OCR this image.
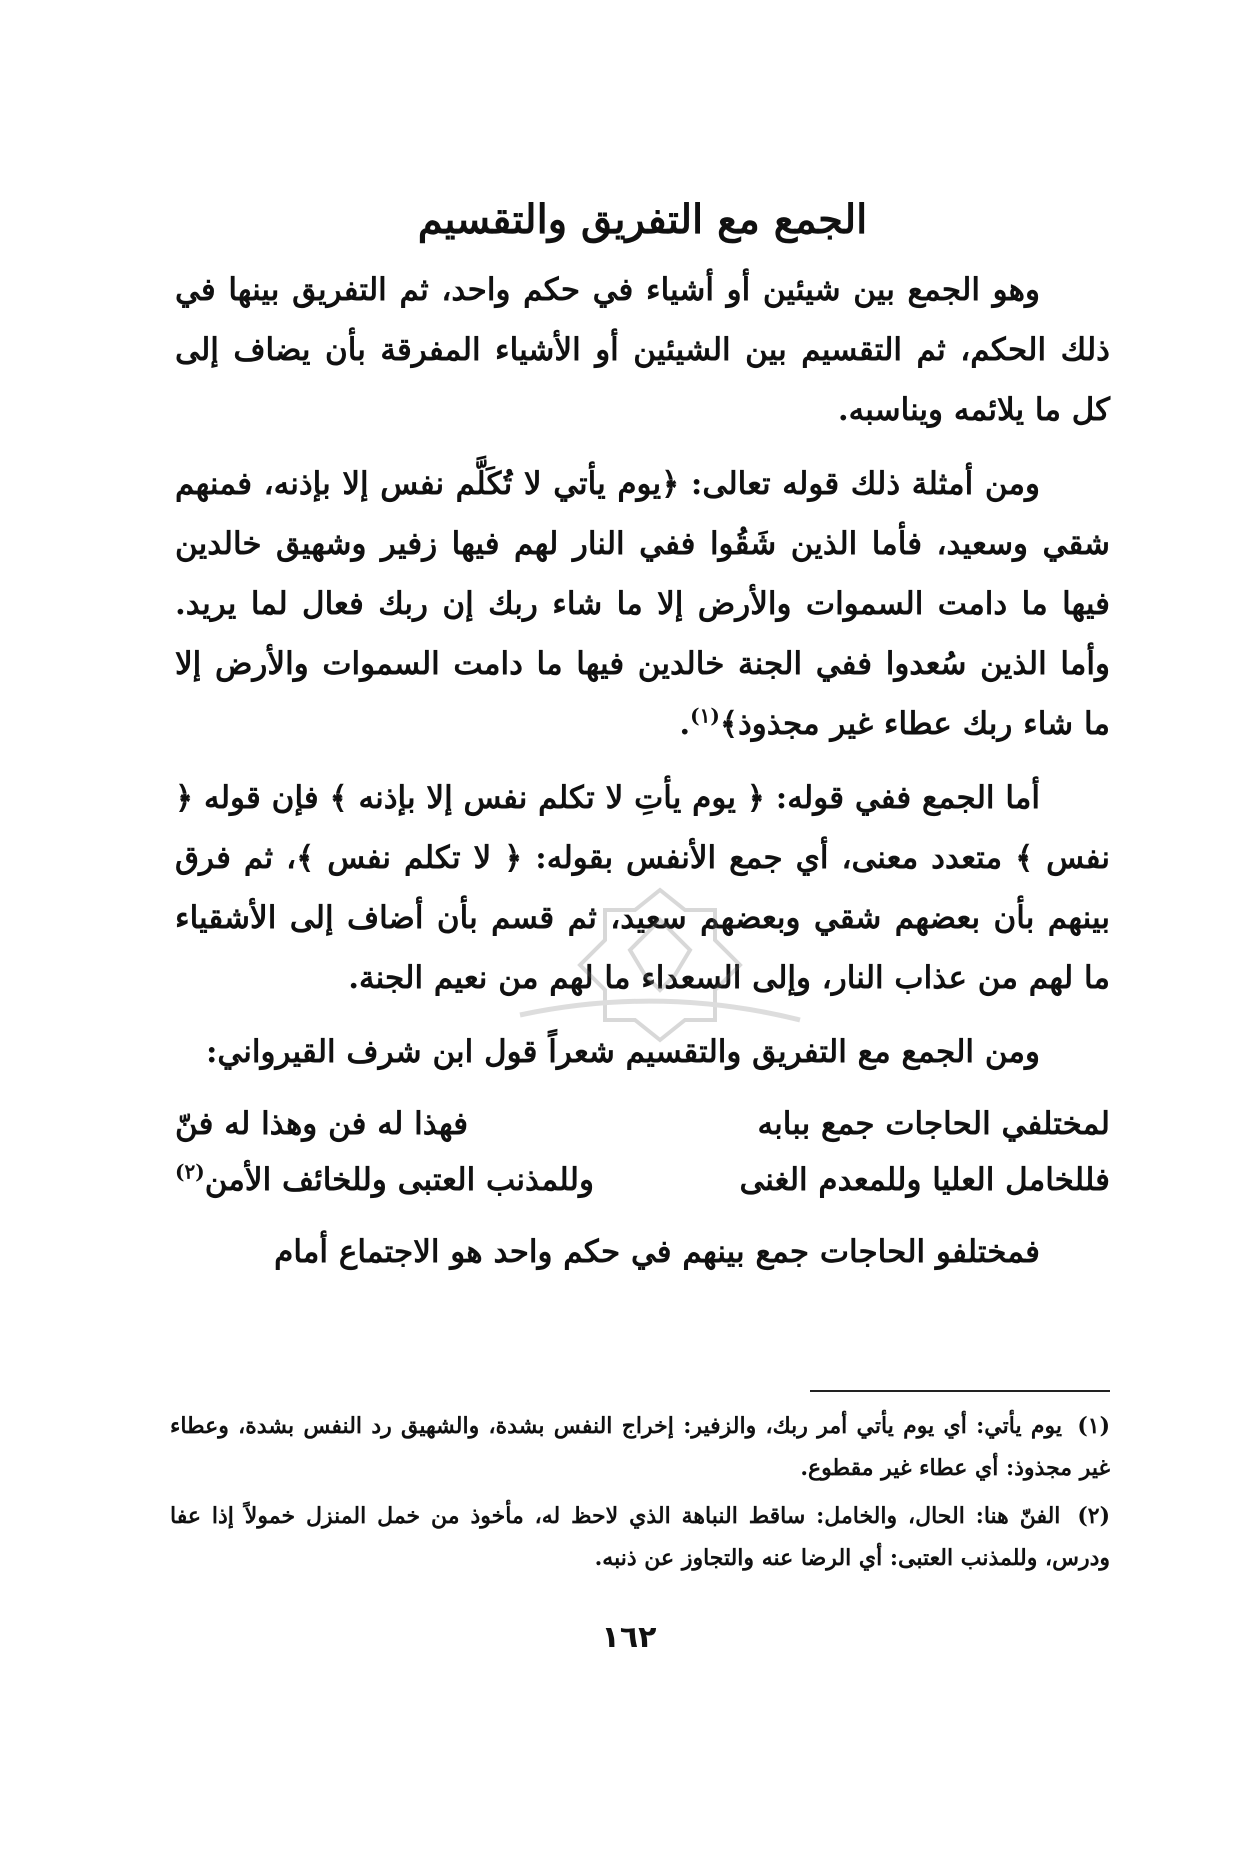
الجمع مع التفريق والتقسيم

وهو الجمع بين شيئين أو أشياء في حكم واحد، ثم التفريق بينها في ذلك الحكم، ثم التقسيم بين الشيئين أو الأشياء المفرقة بأن يضاف إلى كل ما يلائمه ويناسبه.

ومن أمثلة ذلك قوله تعالى: ﴿يوم يأتي لا تُكَلَّم نفس إلا بإذنه، فمنهم شقي وسعيد، فأما الذين شَقُوا ففي النار لهم فيها زفير وشهيق خالدين فيها ما دامت السموات والأرض إلا ما شاء ربك إن ربك فعال لما يريد. وأما الذين سُعدوا ففي الجنة خالدين فيها ما دامت السموات والأرض إلا ما شاء ربك عطاء غير مجذوذ﴾$^{(١)}$.

أما الجمع ففي قوله: ﴿ يوم يأتِ لا تكلم نفس إلا بإذنه ﴾ فإن قوله ﴿ نفس ﴾ متعدد معنى، أي جمع الأنفس بقوله: ﴿ لا تكلم نفس ﴾، ثم فرق بينهم بأن بعضهم شقي وبعضهم سعيد، ثم قسم بأن أضاف إلى الأشقياء ما لهم من عذاب النار، وإلى السعداء ما لهم من نعيم الجنة.

ومن الجمع مع التفريق والتقسيم شعراً قول ابن شرف القيرواني:

لمختلفي الحاجات جمع ببابه
فهذا له فن وهذا له فنّ
فللخامل العليا وللمعدم الغنى
وللمذنب العتبى وللخائف الأمن$^{(٢)}$

فمختلفو الحاجات جمع بينهم في حكم واحد هو الاجتماع أمام

(١) يوم يأتي: أي يوم يأتي أمر ربك، والزفير: إخراج النفس بشدة، والشهيق رد النفس بشدة، وعطاء غير مجذوذ: أي عطاء غير مقطوع.
(٢) الفنّ هنا: الحال، والخامل: ساقط النباهة الذي لاحظ له، مأخوذ من خمل المنزل خمولاً إذا عفا ودرس، وللمذنب العتبى: أي الرضا عنه والتجاوز عن ذنبه.
١٦٢
